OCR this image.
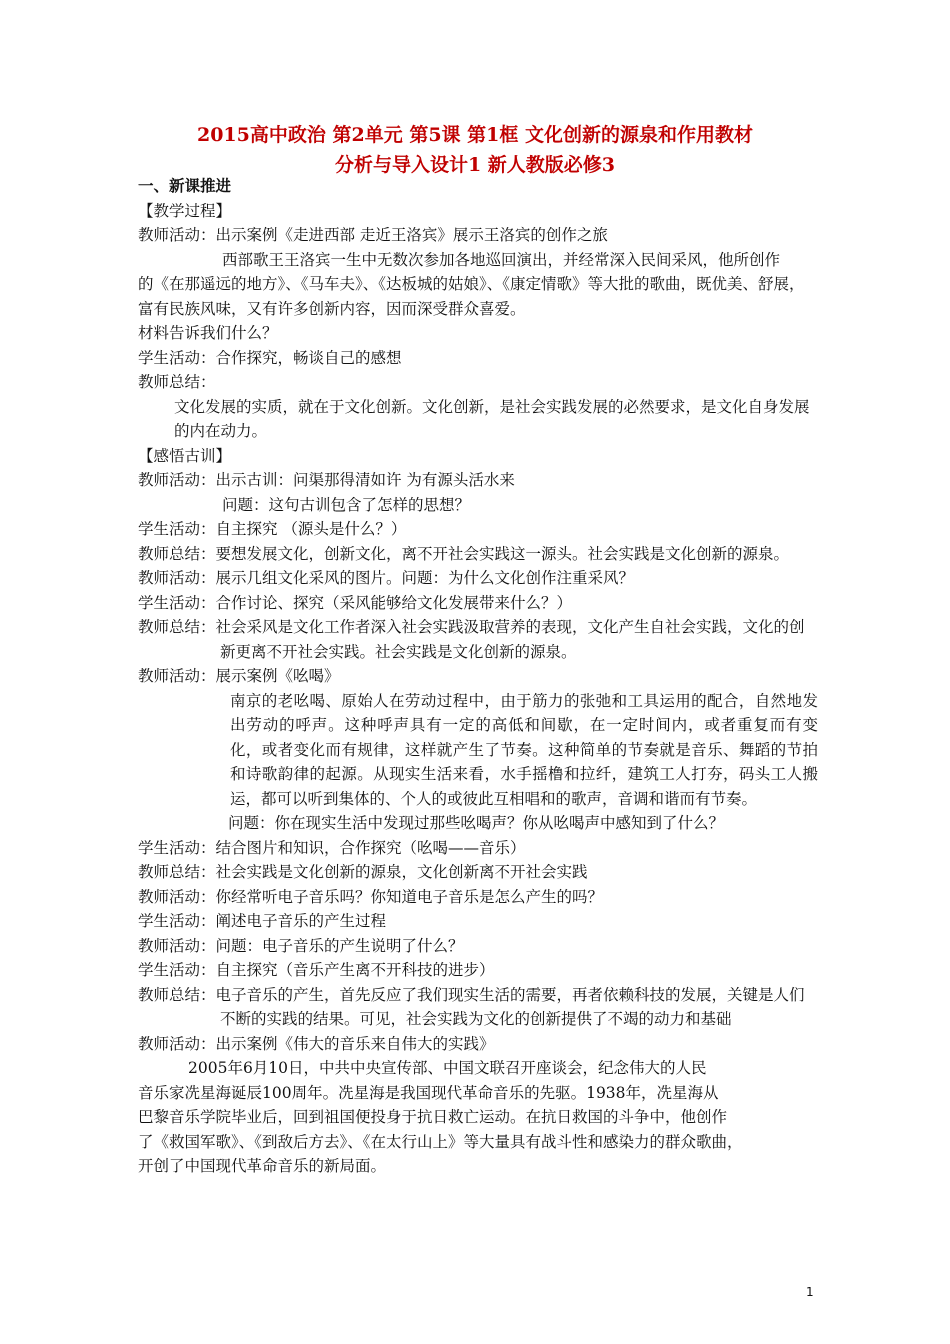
2015高中政治 第2单元 第5课 第1框 文化创新的源泉和作用教材
分析与导入设计1 新人教版必修3
一、新课推进
【教学过程】
教师活动：出示案例《走进西部 走近王洛宾》展示王洛宾的创作之旅
西部歌王王洛宾一生中无数次参加各地巡回演出，并经常深入民间采风，他所创作
的《在那遥远的地方》、《马车夫》、《达板城的姑娘》、《康定情歌》等大批的歌曲，既优美、舒展，
富有民族风味，又有许多创新内容，因而深受群众喜爱。
材料告诉我们什么？
学生活动：合作探究，畅谈自己的感想
教师总结：
文化发展的实质，就在于文化创新。文化创新，是社会实践发展的必然要求，是文化自身发展的内在动力。
【感悟古训】
教师活动：出示古训：问渠那得清如许 为有源头活水来
问题：这句古训包含了怎样的思想？
学生活动：自主探究 （源头是什么？）
教师总结：要想发展文化，创新文化，离不开社会实践这一源头。社会实践是文化创新的源泉。
教师活动：展示几组文化采风的图片。问题：为什么文化创作注重采风？
学生活动：合作讨论、探究（采风能够给文化发展带来什么？）
教师总结：社会采风是文化工作者深入社会实践汲取营养的表现，文化产生自社会实践，文化的创新更离不开社会实践。社会实践是文化创新的源泉。
教师活动：展示案例《吆喝》
南京的老吆喝、原始人在劳动过程中，由于筋力的张弛和工具运用的配合，自然地发出劳动的呼声。这种呼声具有一定的高低和间歇，在一定时间内，或者重复而有变化，或者变化而有规律，这样就产生了节奏。这种简单的节奏就是音乐、舞蹈的节拍和诗歌韵律的起源。从现实生活来看，水手摇橹和拉纤，建筑工人打夯，码头工人搬运，都可以听到集体的、个人的或彼此互相唱和的歌声，音调和谐而有节奏。
问题：你在现实生活中发现过那些吆喝声？你从吆喝声中感知到了什么？
学生活动：结合图片和知识，合作探究（吆喝——音乐）
教师总结：社会实践是文化创新的源泉，文化创新离不开社会实践
教师活动：你经常听电子音乐吗？你知道电子音乐是怎么产生的吗？
学生活动：阐述电子音乐的产生过程
教师活动：问题：电子音乐的产生说明了什么？
学生活动：自主探究（音乐产生离不开科技的进步）
教师总结：电子音乐的产生，首先反应了我们现实生活的需要，再者依赖科技的发展，关键是人们不断的实践的结果。可见，社会实践为文化的创新提供了不竭的动力和基础
教师活动：出示案例《伟大的音乐来自伟大的实践》
2005年6月10日，中共中央宣传部、中国文联召开座谈会，纪念伟大的人民
音乐家冼星海诞辰100周年。冼星海是我国现代革命音乐的先驱。1938年，冼星海从
巴黎音乐学院毕业后，回到祖国便投身于抗日救亡运动。在抗日救国的斗争中，他创作
了《救国军歌》、《到敌后方去》、《在太行山上》等大量具有战斗性和感染力的群众歌曲，
开创了中国现代革命音乐的新局面。
1
